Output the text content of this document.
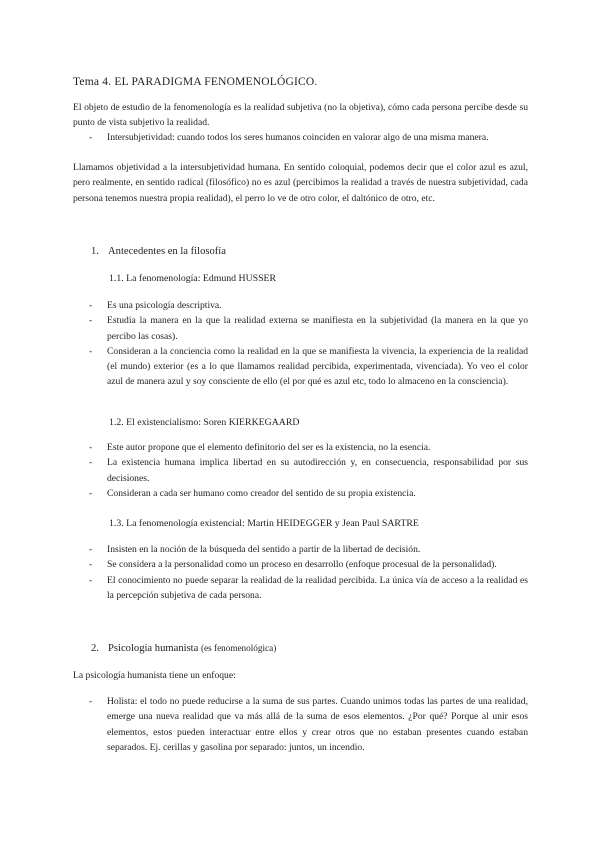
Tema 4. EL PARADIGMA FENOMENOLÓGICO.
El objeto de estudio de la fenomenología es la realidad subjetiva (no la objetiva), cómo cada persona percibe desde su punto de vista subjetivo la realidad.
- Intersubjetividad: cuando todos los seres humanos coinciden en valorar algo de una misma manera.
Llamamos objetividad a la intersubjetividad humana. En sentido coloquial, podemos decir que el color azul es azul, pero realmente, en sentido radical (filosófico) no es azul (percibimos la realidad a través de nuestra subjetividad, cada persona tenemos nuestra propia realidad), el perro lo ve de otro color, el daltónico de otro, etc.
1. Antecedentes en la filosofía
1.1. La fenomenología: Edmund HUSSER
- Es una psicología descriptiva.
- Estudia la manera en la que la realidad externa se manifiesta en la subjetividad (la manera en la que yo percibo las cosas).
- Consideran a la conciencia como la realidad en la que se manifiesta la vivencia, la experiencia de la realidad (el mundo) exterior (es a lo que llamamos realidad percibida, experimentada, vivenciada). Yo veo el color azul de manera azul y soy consciente de ello (el por qué es azul etc, todo lo almaceno en la consciencia).
1.2. El existencialismo: Soren KIERKEGAARD
- Este autor propone que el elemento definitorio del ser es la existencia, no la esencia.
- La existencia humana implica libertad en su autodirección y, en consecuencia, responsabilidad por sus decisiones.
- Consideran a cada ser humano como creador del sentido de su propia existencia.
1.3. La fenomenología existencial: Martin HEIDEGGER y Jean Paul SARTRE
- Insisten en la noción de la búsqueda del sentido a partir de la libertad de decisión.
- Se considera a la personalidad como un proceso en desarrollo (enfoque procesual de la personalidad).
- El conocimiento no puede separar la realidad de la realidad percibida. La única vía de acceso a la realidad es la percepción subjetiva de cada persona.
2. Psicología humanista (es fenomenológica)
La psicología humanista tiene un enfoque:
- Holista: el todo no puede reducirse a la suma de sus partes. Cuando unimos todas las partes de una realidad, emerge una nueva realidad que va más allá de la suma de esos elementos. ¿Por qué? Porque al unir esos elementos, estos pueden interactuar entre ellos y crear otros que no estaban presentes cuando estaban separados. Ej. cerillas y gasolina por separado: juntos, un incendio.
